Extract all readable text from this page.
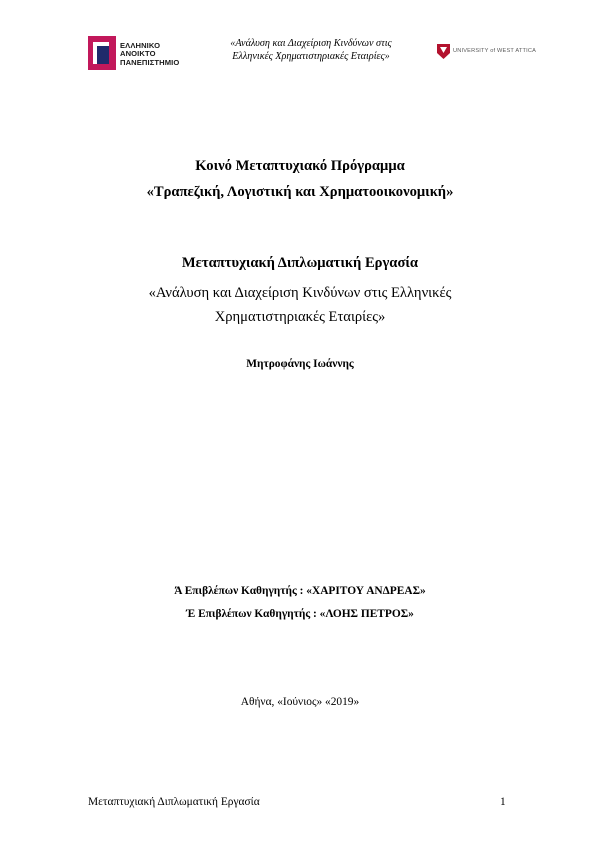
ΕΛΛΗΝΙΚΟ
ΑΝΟΙΚΤΟ
ΠΑΝΕΠΙΣΤΗΜΙΟ
«Ανάλυση και Διαχείριση Κινδύνων στις
Ελληνικές Χρηματιστηριακές Εταιρίες»	UNIVERSITY of WEST ATTICA
Κοινό Μεταπτυχιακό Πρόγραμμα
«Τραπεζική, Λογιστική και Χρηματοοικονομική»
Μεταπτυχιακή Διπλωματική Εργασία
«Ανάλυση και Διαχείριση Κινδύνων στις Ελληνικές
Χρηματιστηριακές Εταιρίες»
Μητροφάνης Ιωάννης
Ά Επιβλέπων Καθηγητής : «ΧΑΡΙΤΟΥ ΑΝΔΡΕΑΣ»
Έ Επιβλέπων Καθηγητής : «ΛΟΗΣ ΠΕΤΡΟΣ»
Αθήνα, «Ιούνιος» «2019»
Μεταπτυχιακή Διπλωματική Εργασία	1
